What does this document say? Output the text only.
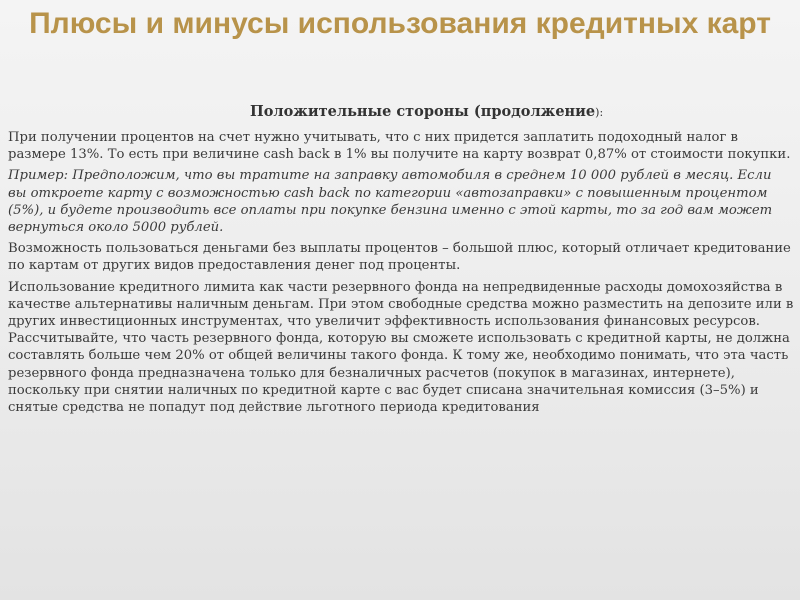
Плюсы и минусы использования кредитных карт

Положительные стороны (продолжение):

При получении процентов на счет нужно учитывать, что с них придется заплатить подоходный налог в размере 13%. То есть при величине cash back в 1% вы получите на карту возврат 0,87% от стоимости покупки.

Пример: Предположим, что вы тратите на заправку автомобиля в среднем 10 000 рублей в месяц. Если вы откроете карту с возможностью cash back по категории «автозаправки» с повышенным процентом (5%), и будете производить все оплаты при покупке бензина именно с этой карты, то за год вам может вернуться около 5000 рублей.

Возможность пользоваться деньгами без выплаты процентов – большой плюс, который отличает кредитование по картам от других видов предоставления денег под проценты.

Использование кредитного лимита как части резервного фонда на непредвиденные расходы домохозяйства в качестве альтернативы наличным деньгам. При этом свободные средства можно разместить на депозите или в других инвестиционных инструментах, что увеличит эффективность использования финансовых ресурсов. Рассчитывайте, что часть резервного фонда, которую вы сможете использовать с кредитной карты, не должна составлять больше чем 20% от общей величины такого фонда. К тому же, необходимо понимать, что эта часть резервного фонда предназначена только для безналичных расчетов (покупок в магазинах, интернете), поскольку при снятии наличных по кредитной карте с вас будет списана значительная комиссия (3–5%) и снятые средства не попадут под действие льготного периода кредитования
